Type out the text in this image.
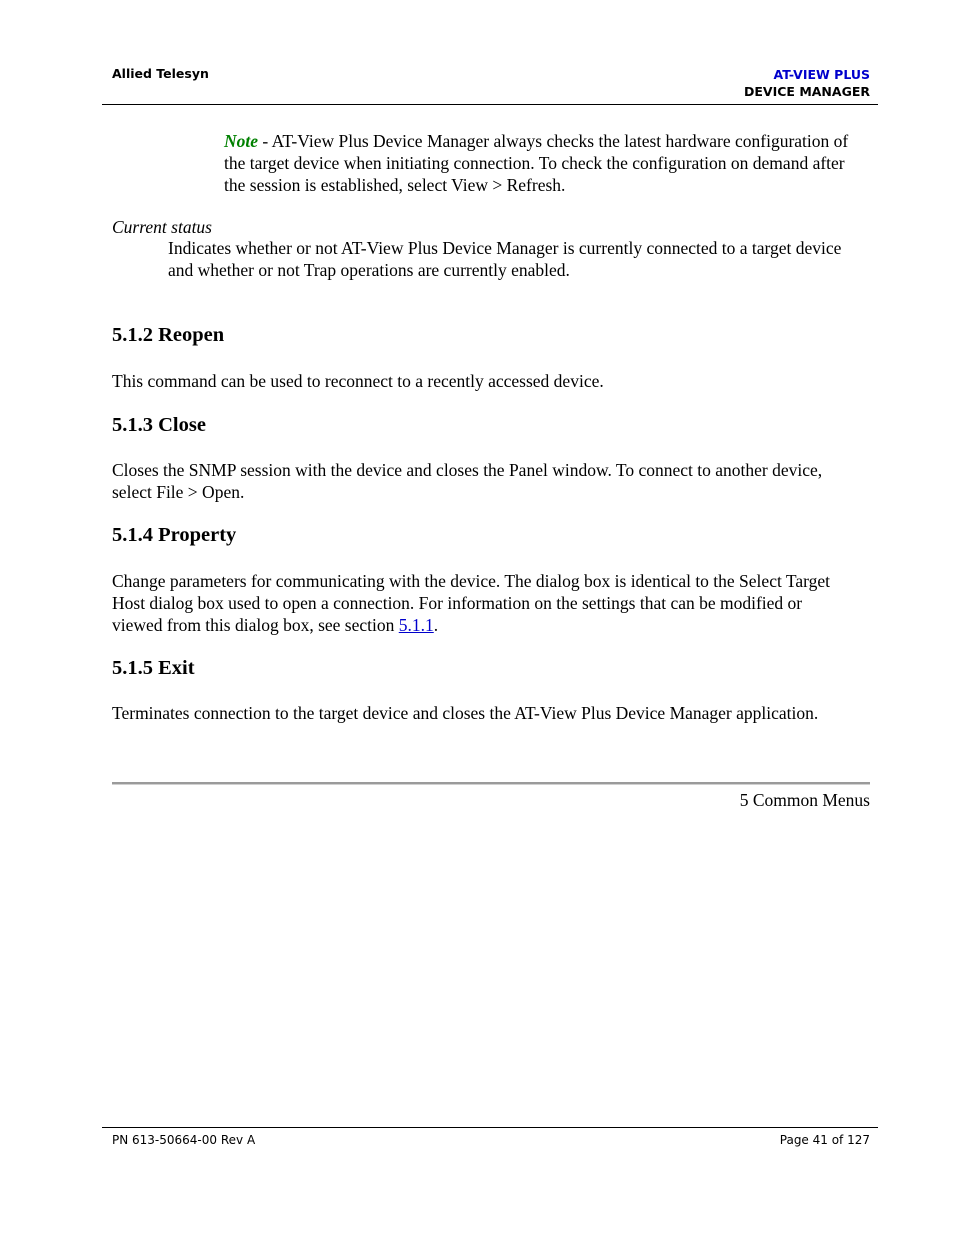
Allied Telesyn	AT-VIEW PLUS
DEVICE MANAGER
Note - AT-View Plus Device Manager always checks the latest hardware configuration of the target device when initiating connection. To check the configuration on demand after the session is established, select View > Refresh.
Current status
Indicates whether or not AT-View Plus Device Manager is currently connected to a target device and whether or not Trap operations are currently enabled.
5.1.2 Reopen

This command can be used to reconnect to a recently accessed device.

5.1.3 Close

Closes the SNMP session with the device and closes the Panel window. To connect to another device, select File > Open.

5.1.4 Property

Change parameters for communicating with the device. The dialog box is identical to the Select Target Host dialog box used to open a connection. For information on the settings that can be modified or viewed from this dialog box, see section 5.1.1.

5.1.5 Exit

Terminates connection to the target device and closes the AT-View Plus Device Manager application.

5 Common Menus
PN 613-50664-00 Rev A	Page 41 of 127
